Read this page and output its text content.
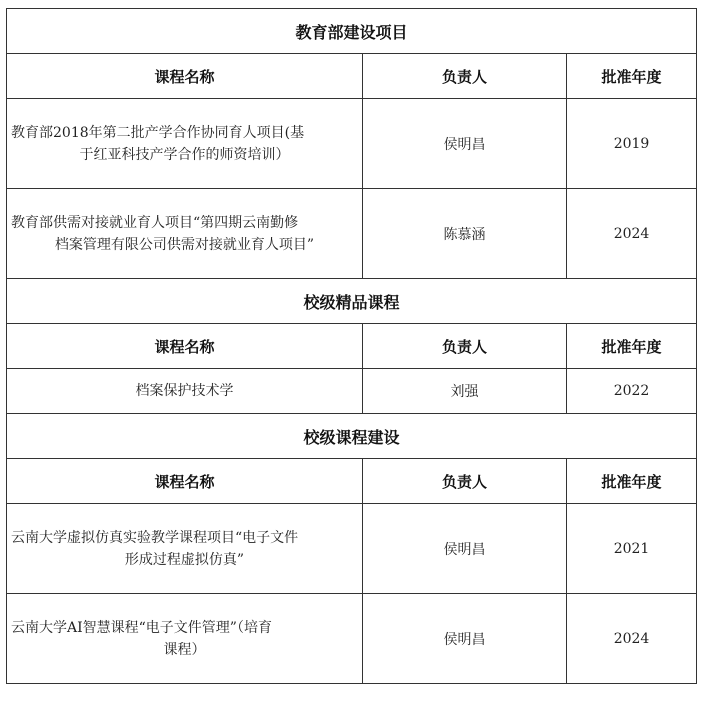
教育部建设项目		
课程名称	负责人	批准年度

教育部2018年第二批产学合作协同育人项目(基
于红亚科技产学合作的师资培训）	侯明昌	2019

教育部供需对接就业育人项目“第四期云南勤修
档案管理有限公司供需对接就业育人项目”	陈慕涵	2024
校级精品课程		
课程名称	负责人	批准年度
档案保护技术学	刘强	2022
校级课程建设		
课程名称	负责人	批准年度

云南大学虚拟仿真实验教学课程项目“电子文件
形成过程虚拟仿真”	侯明昌	2021

云南大学AI智慧课程“电子文件管理”（培育
课程）	侯明昌	2024
